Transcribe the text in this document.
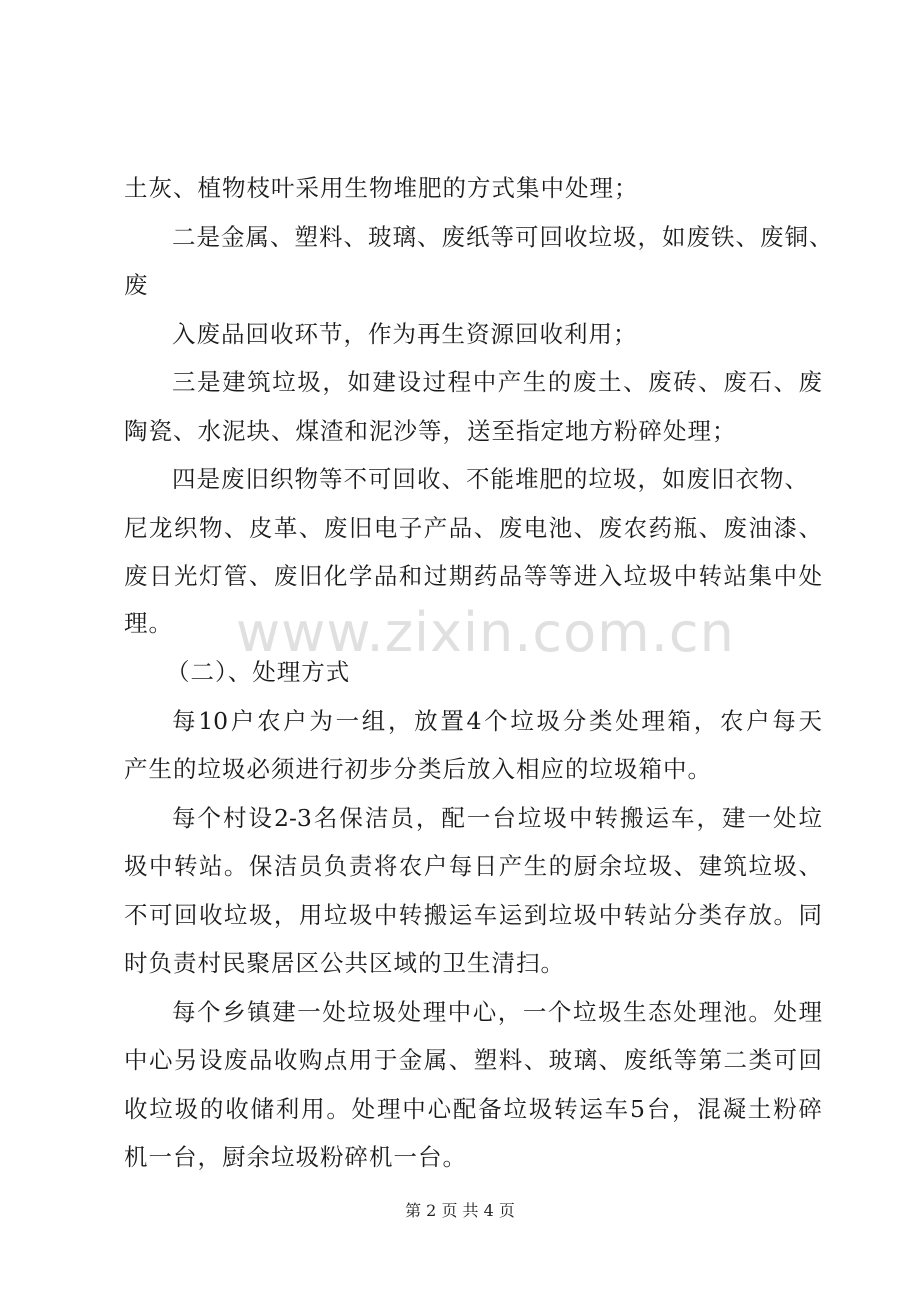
土灰、植物枝叶采用生物堆肥的方式集中处理；
二是金属、塑料、玻璃、废纸等可回收垃圾，如废铁、废铜、
废
入废品回收环节，作为再生资源回收利用；
三是建筑垃圾，如建设过程中产生的废土、废砖、废石、废
陶瓷、水泥块、煤渣和泥沙等，送至指定地方粉碎处理；
四是废旧织物等不可回收、不能堆肥的垃圾，如废旧衣物、
尼龙织物、皮革、废旧电子产品、废电池、废农药瓶、废油漆、
废日光灯管、废旧化学品和过期药品等等进入垃圾中转站集中处
理。 www.zixin.com.cn
（二）、处理方式
每10户农户为一组，放置4个垃圾分类处理箱，农户每天
产生的垃圾必须进行初步分类后放入相应的垃圾箱中。
每个村设2-3名保洁员，配一台垃圾中转搬运车，建一处垃
圾中转站。保洁员负责将农户每日产生的厨余垃圾、建筑垃圾、
不可回收垃圾，用垃圾中转搬运车运到垃圾中转站分类存放。同
时负责村民聚居区公共区域的卫生清扫。
每个乡镇建一处垃圾处理中心，一个垃圾生态处理池。处理
中心另设废品收购点用于金属、塑料、玻璃、废纸等第二类可回
收垃圾的收储利用。处理中心配备垃圾转运车5台，混凝土粉碎
机一台，厨余垃圾粉碎机一台。
第 2 页 共 4 页
